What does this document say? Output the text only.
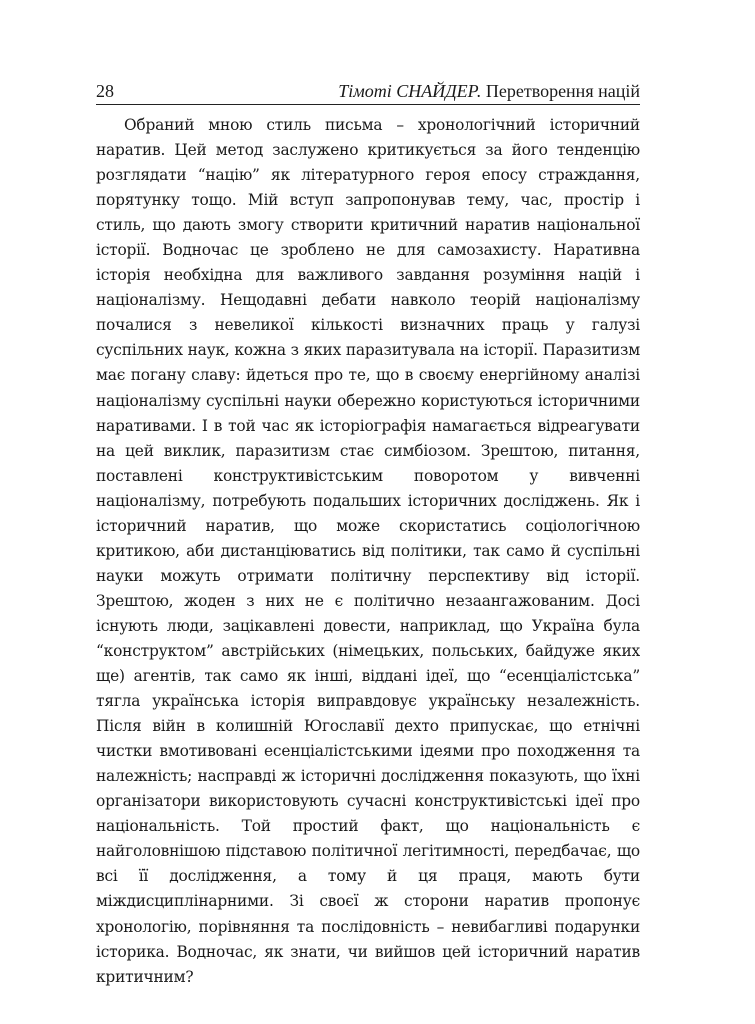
28	Тімоті СНАЙДЕР. Перетворення націй

Обраний мною стиль письма – хронологічний історичний наратив. Цей метод заслужено критикується за його тенденцію розглядати “націю” як літературного героя епосу страждання, порятунку тощо. Мій вступ запропонував тему, час, простір і стиль, що дають змогу створити критичний наратив національної історії. Водночас це зроблено не для самозахисту. Наративна історія необхідна для важливого завдання розуміння націй і націоналізму. Нещодавні дебати навколо теорій націоналізму почалися з невеликої кількості визначних праць у галузі суспільних наук, кожна з яких паразитувала на історії. Паразитизм має погану славу: йдеться про те, що в своєму енергійному аналізі націоналізму суспільні науки обережно користуються історичними наративами. І в той час як історіографія намагається відреагувати на цей виклик, паразитизм стає симбіозом. Зрештою, питання, поставлені конструктивістським поворотом у вивченні націоналізму, потребують подальших історичних досліджень. Як і історичний наратив, що може скористатись соціологічною критикою, аби дистанціюватись від політики, так само й суспільні науки можуть отримати політичну перспективу від історії. Зрештою, жоден з них не є політично незаангажованим. Досі існують люди, зацікавлені довести, наприклад, що Україна була “конструктом” австрійських (німецьких, польських, байдуже яких ще) агентів, так само як інші, віддані ідеї, що “есенціалістська” тягла українська історія виправдовує українську незалежність. Після війн в колишній Югославії дехто припускає, що етнічні чистки вмотивовані есенціалістськими ідеями про походження та належність; насправді ж історичні дослідження показують, що їхні організатори використовують сучасні конструктивістські ідеї про національність. Той простий факт, що національність є найголовнішою підставою політичної легітимності, передбачає, що всі її дослідження, а тому й ця праця, мають бути міждисциплінарними. Зі своєї ж сторони наратив пропонує хронологію, порівняння та послідовність – невибагливі подарунки історика. Водночас, як знати, чи вийшов цей історичний наратив критичним?
